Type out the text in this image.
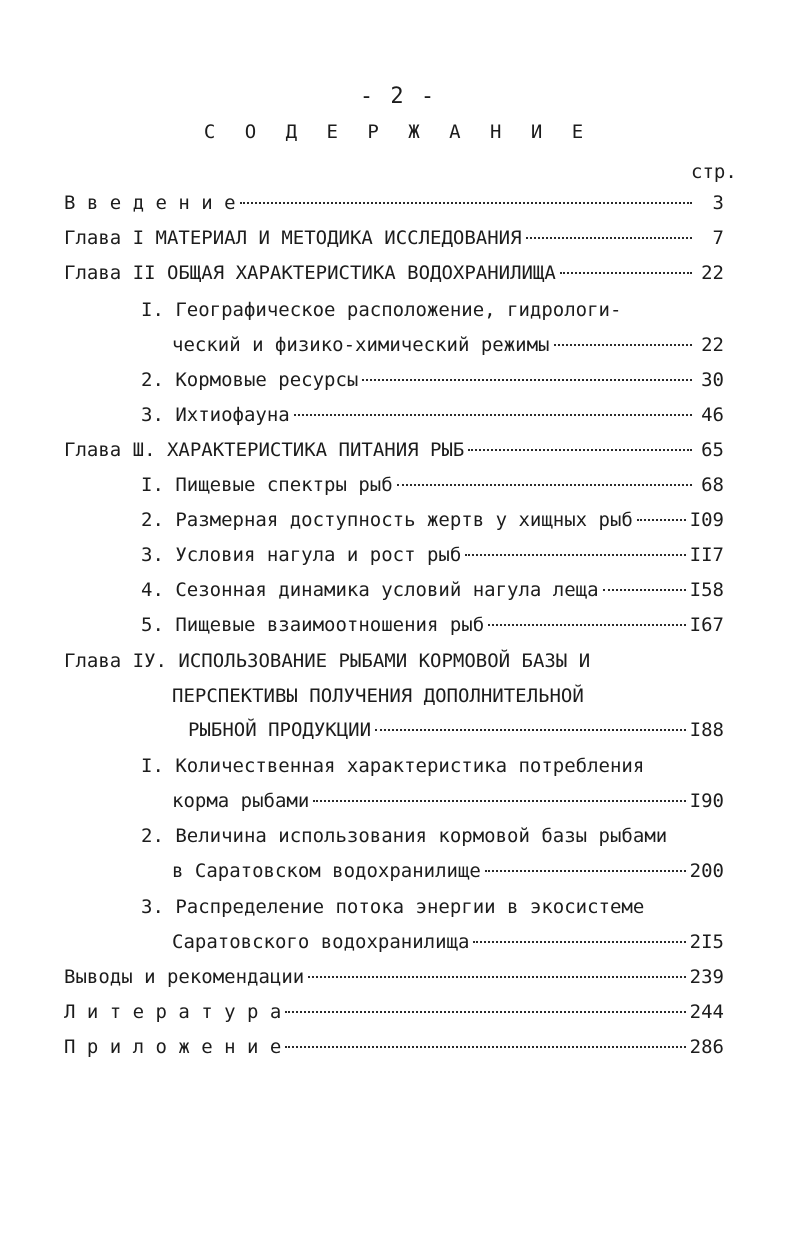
- 2 -
С О Д Е Р Ж А Н И Е
стр.
В в е д е н и е	3
Глава I МАТЕРИАЛ И МЕТОДИКА ИССЛЕДОВАНИЯ	7
Глава II ОБЩАЯ ХАРАКТЕРИСТИКА ВОДОХРАНИЛИЩА	22
I. Географическое расположение, гидрологи-
ческий и физико-химический режимы	22
2. Кормовые ресурсы	30
3. Ихтиофауна	46
Глава Ш. ХАРАКТЕРИСТИКА ПИТАНИЯ РЫБ	65
I. Пищевые спектры рыб	68
2. Размерная доступность жертв у хищных рыб	I09
3. Условия нагула и рост рыб	II7
4. Сезонная динамика условий нагула леща	I58
5. Пищевые взаимоотношения рыб	I67
Глава IУ. ИСПОЛЬЗОВАНИЕ РЫБАМИ КОРМОВОЙ БАЗЫ И
ПЕРСПЕКТИВЫ ПОЛУЧЕНИЯ ДОПОЛНИТЕЛЬНОЙ
РЫБНОЙ ПРОДУКЦИИ	I88
I. Количественная характеристика потребления
корма рыбами	I90
2. Величина использования кормовой базы рыбами
в Саратовском водохранилище	200
3. Распределение потока энергии в экосистеме
Саратовского водохранилища	2I5
Выводы и рекомендации	239
Л и т е р а т у р а	244
П р и л о ж е н и е	286
